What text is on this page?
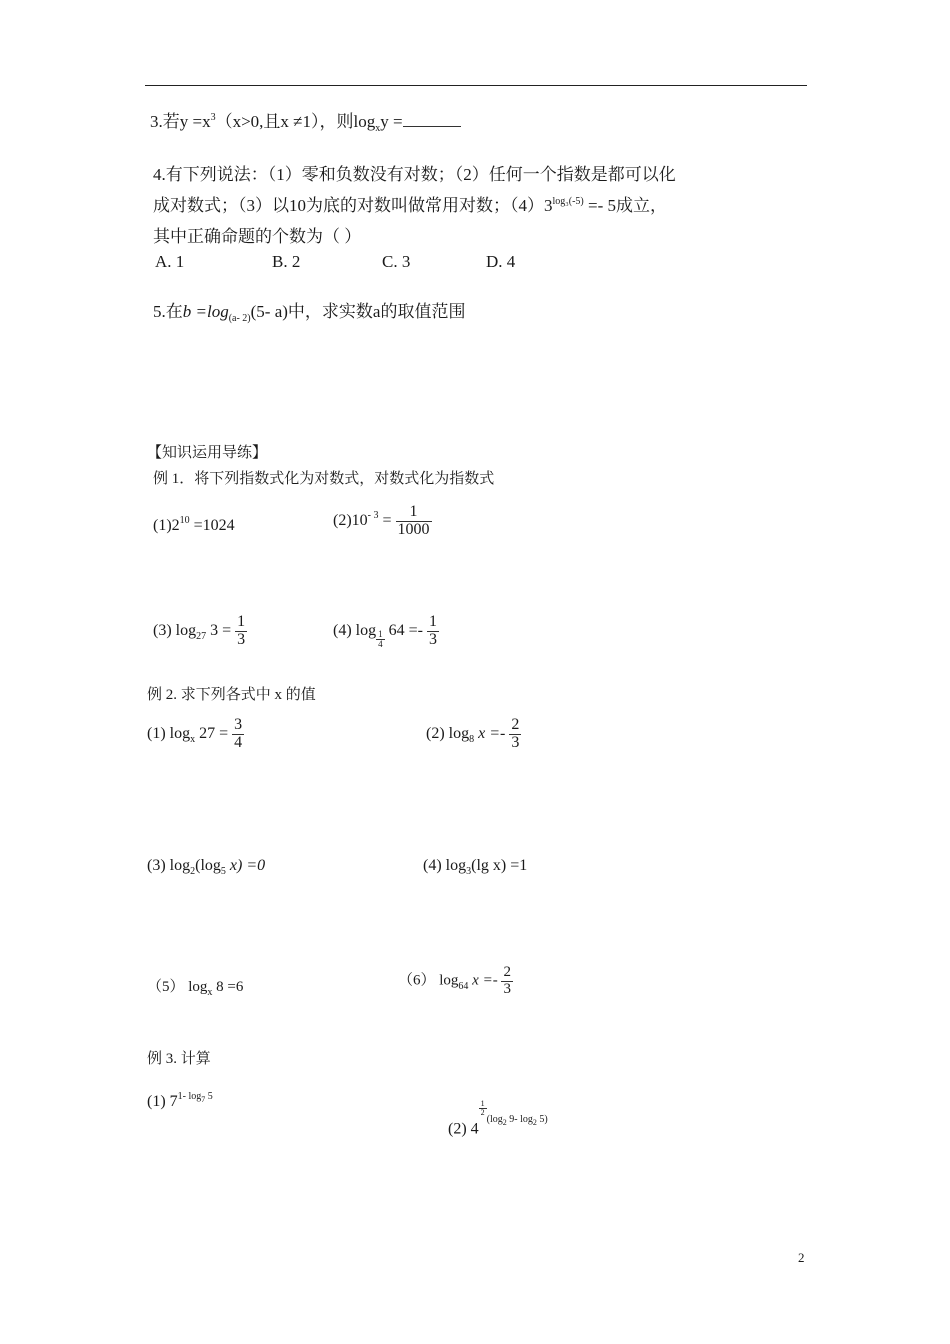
3.若$y =x^3(x>0$,且x ≠1），则$\log_xy$ =
4.有下列说法：（1）零和负数没有对数；（2）任何一个指数是都可以化
成对数式；（3）以10为底的对数叫做常用对数；$(4)3^{log_3(-5)} =- 5$成立，
其中正确命题的个数为（ ）
A. 1	B. 2	C. 3	D. 4
5.在$b =\log_{(a- 2)}(5-$ a)中，求实数a的取值范围
【知识运用导练】
例 1．将下列指数式化为对数式，对数式化为指数式
$(1)2^{10} =1024$	$(2)10^{- 3} = \frac{1}{1000}$
(3) $\log_{27} 3 = \frac{1}{3}$	(4) $\log \frac{1}{4} 64 =- \frac{1}{3}$
例 2. 求下列各式中 x 的值
(1) $\log_x 27 = \frac{3}{4}$	(2) $\log_8 x =- \frac{2}{3}$
(3) $\log_2(\log_5$ x) =0	(4) $\log_3(\lg$ x) =1
（5） $\log_x 8 =6$	（6） $\log_{64} x =- \frac{2}{3}$
例 3. 计算
(1) $7^{1- log7}$ $^5$
(2) 4
$\frac{1}{2}$
$^{(log2}$ $^{9- log2}$ $^{5)}$
2
